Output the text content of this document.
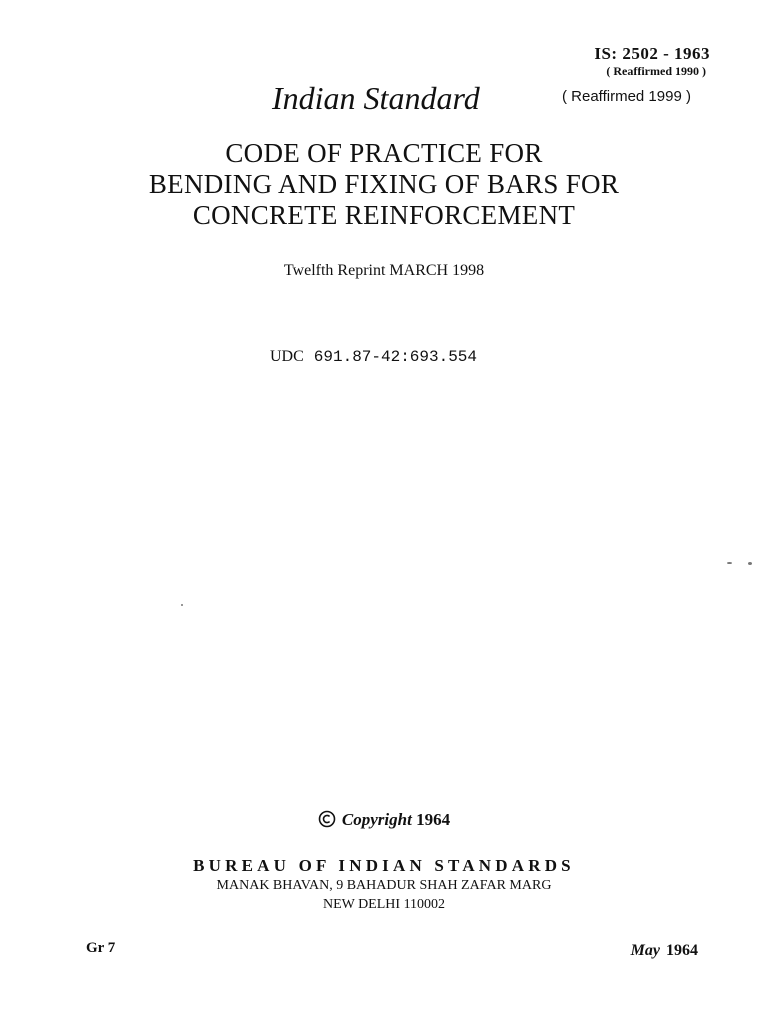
IS: 2502 - 1963
( Reaffirmed 1990 )
Indian Standard	( Reaffirmed 1999 )
CODE OF PRACTICE FOR
BENDING AND FIXING OF BARS FOR
CONCRETE REINFORCEMENT
Twelfth Reprint MARCH 1998
UDC 691.87-42:693.554
Copyright 1964
BUREAU OF INDIAN STANDARDS
MANAK BHAVAN, 9 BAHADUR SHAH ZAFAR MARG
NEW DELHI 110002
Gr 7	May 1964
